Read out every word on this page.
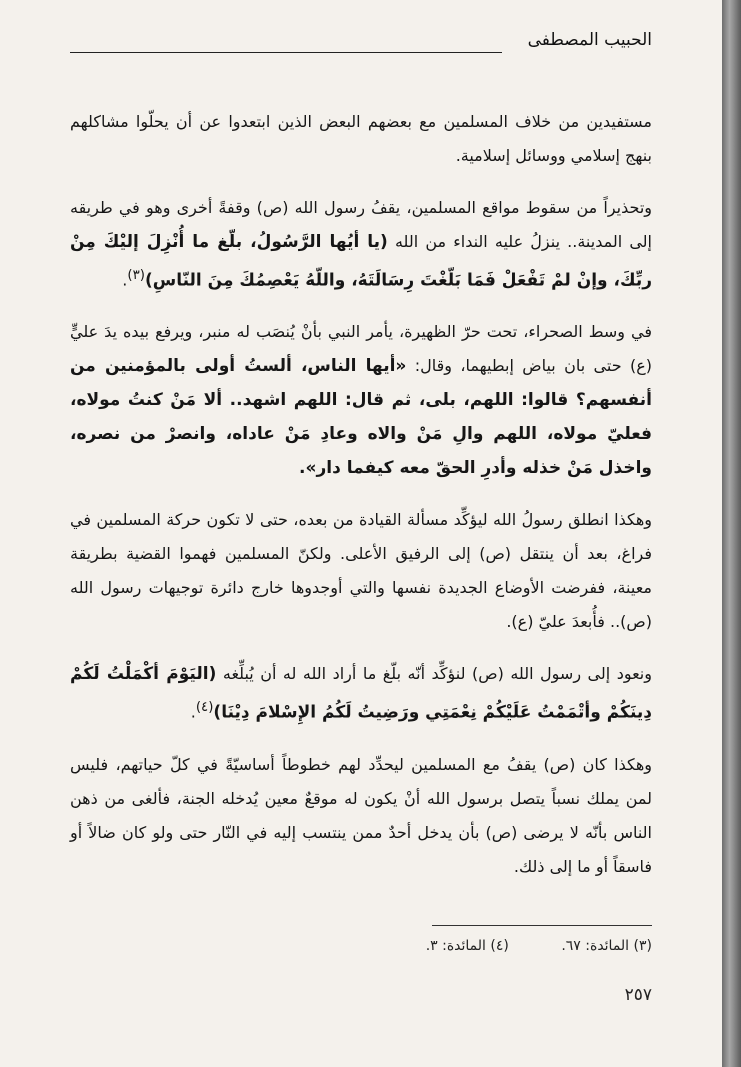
الحبيب المصطفى

مستفيدين من خلاف المسلمين مع بعضهم البعض الذين ابتعدوا عن أن يحلّوا مشاكلهم بنهج إسلامي ووسائل إسلامية.

وتحذيراً من سقوط مواقع المسلمين، يقفُ رسول الله (ص) وقفةً أخرى وهو في طريقه إلى المدينة.. ينزلُ عليه النداء من الله (يا أيُها الرَّسُولُ، بلّغ ما أُنْزِلَ إليْكَ مِنْ ربِّكَ، وإنْ لمْ تَفْعَلْ فَمَا بَلّغْتَ رِسَالَتَهُ، واللّهُ يَعْصِمُكَ مِنَ النّاسِ)$^{(٣)}$.

في وسط الصحراء، تحت حرّ الظهيرة، يأمر النبي بأنْ يُنصَب له منبر، ويرفع بيده يدَ عليٍّ (ع) حتى بان بياض إبطيهما، وقال: «أيها الناس، ألستُ أولى بالمؤمنين من أنفسهم؟ قالوا: اللهم، بلى، ثم قال: اللهم اشهد.. ألا مَنْ كنتُ مولاه، فعليّ مولاه، اللهم والِ مَنْ والاه وعادِ مَنْ عاداه، وانصرْ من نصره، واخذل مَنْ خذله وأدرِ الحقّ معه كيفما دار».

وهكذا انطلق رسولُ الله ليؤكِّد مسألة القيادة من بعده، حتى لا تكون حركة المسلمين في فراغ، بعد أن ينتقل (ص) إلى الرفيق الأعلى. ولكنّ المسلمين فهموا القضية بطريقة معينة، ففرضت الأوضاع الجديدة نفسها والتي أوجدوها خارج دائرة توجيهات رسول الله (ص).. فأُبعدَ عليّ (ع).

ونعود إلى رسول الله (ص) لنؤكِّد أنّه بلّغ ما أراد الله له أن يُبلِّغه (اليَوْمَ أكْمَلْتُ لَكُمْ دِينَكُمْ وأتْمَمْتُ عَلَيْكُمْ نِعْمَتِي ورَضِيتُ لَكُمُ الإِسْلامَ دِيْنَا)$^{(٤)}$.

وهكذا كان (ص) يقفُ مع المسلمين ليحدِّد لهم خطوطاً أساسيّةً في كلّ حياتهم، فليس لمن يملك نسباً يتصل برسول الله أنْ يكون له موقعٌ معين يُدخله الجنة، فألغى من ذهن الناس بأنّه لا يرضى (ص) بأن يدخل أحدٌ ممن ينتسب إليه في النّار حتى ولو كان ضالاً أو فاسقاً أو ما إلى ذلك.

(٣) المائدة: ٦٧. (٤) المائدة: ٣.
٢٥٧
